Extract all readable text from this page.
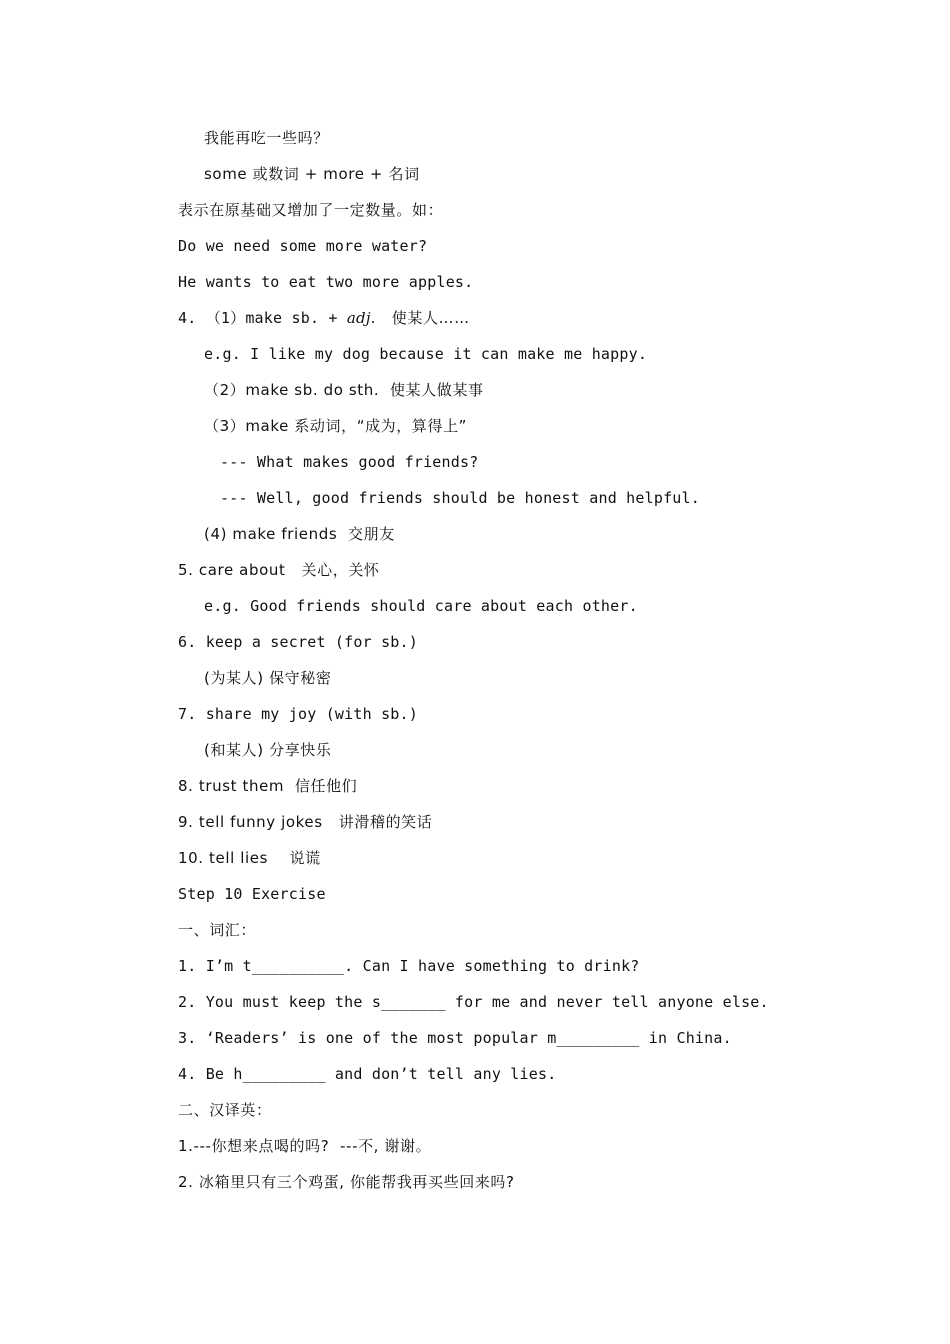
我能再吃一些吗？
some 或数词 + more + 名词
表示在原基础又增加了一定数量。如：
Do we need some more water?
He wants to eat two more apples.
4. （1）make sb. + adj.   使某人……
e.g. I like my dog because it can make me happy.
（2）make sb. do sth.  使某人做某事
（3）make 系动词，“成为，算得上”
--- What makes good friends?
--- Well, good friends should be honest and helpful.
(4) make friends  交朋友
5. care about   关心，关怀
e.g. Good friends should care about each other.
6. keep a secret (for sb.)
(为某人) 保守秘密
7. share my joy (with sb.)
(和某人) 分享快乐
8. trust them  信任他们
9. tell funny jokes   讲滑稽的笑话
10. tell lies    说谎
Step 10 Exercise
一、词汇：
1. I’m t__________. Can I have something to drink?
2. You must keep the s_______ for me and never tell anyone else.
3. ‘Readers’ is one of the most popular m_________ in China.
4. Be h_________ and don’t tell any lies.
二、汉译英：
1.---你想来点喝的吗?  ---不, 谢谢。
2. 冰箱里只有三个鸡蛋, 你能帮我再买些回来吗?
